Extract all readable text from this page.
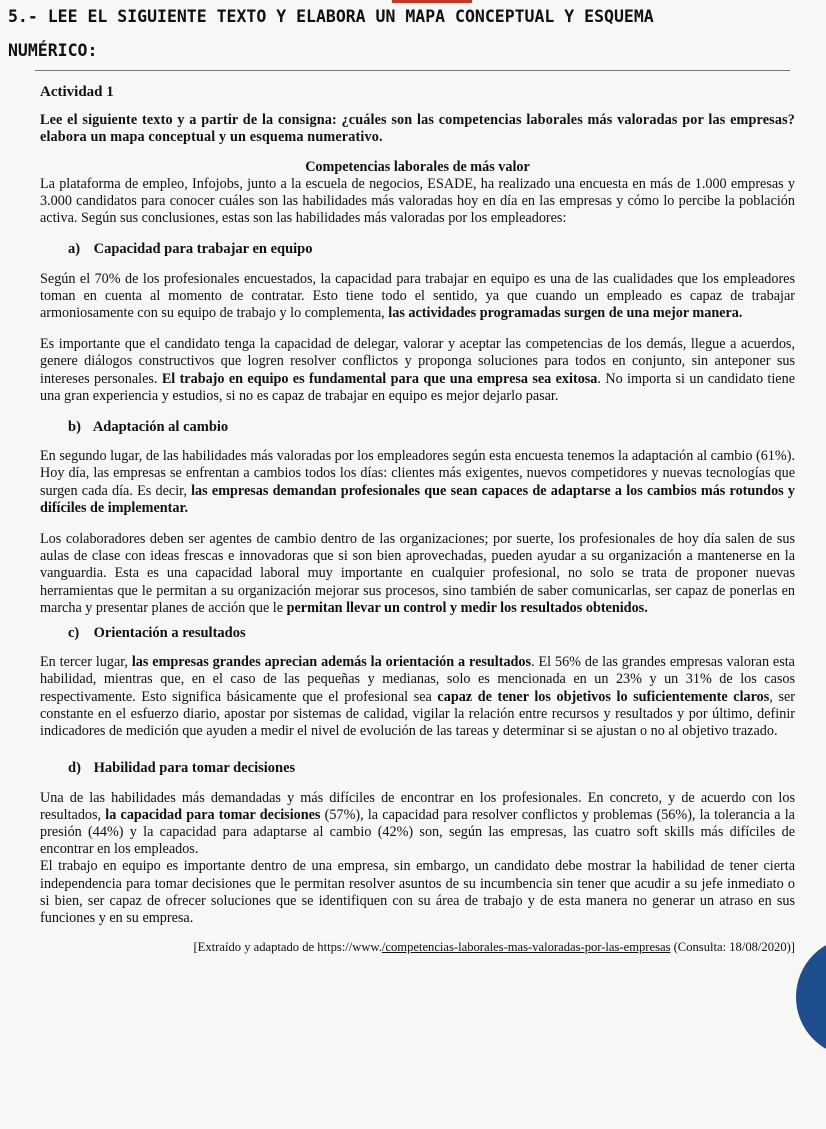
5.- LEE EL SIGUIENTE TEXTO Y ELABORA UN MAPA CONCEPTUAL Y ESQUEMA
NUMÉRICO:
Actividad 1

Lee el siguiente texto y a partir de la consigna: ¿cuáles son las competencias laborales más valoradas por las empresas? elabora un mapa conceptual y un esquema numerativo.

Competencias laborales de más valor

La plataforma de empleo, Infojobs, junto a la escuela de negocios, ESADE, ha realizado una encuesta en más de 1.000 empresas y 3.000 candidatos para conocer cuáles son las habilidades más valoradas hoy en día en las empresas y cómo lo percibe la población activa. Según sus conclusiones, estas son las habilidades más valoradas por los empleadores:

a) Capacidad para trabajar en equipo

Según el 70% de los profesionales encuestados, la capacidad para trabajar en equipo es una de las cualidades que los empleadores toman en cuenta al momento de contratar. Esto tiene todo el sentido, ya que cuando un empleado es capaz de trabajar armoniosamente con su equipo de trabajo y lo complementa, las actividades programadas surgen de una mejor manera.

Es importante que el candidato tenga la capacidad de delegar, valorar y aceptar las competencias de los demás, llegue a acuerdos, genere diálogos constructivos que logren resolver conflictos y proponga soluciones para todos en conjunto, sin anteponer sus intereses personales. El trabajo en equipo es fundamental para que una empresa sea exitosa. No importa si un candidato tiene una gran experiencia y estudios, si no es capaz de trabajar en equipo es mejor dejarlo pasar.

b) Adaptación al cambio

En segundo lugar, de las habilidades más valoradas por los empleadores según esta encuesta tenemos la adaptación al cambio (61%). Hoy día, las empresas se enfrentan a cambios todos los días: clientes más exigentes, nuevos competidores y nuevas tecnologías que surgen cada día. Es decir, las empresas demandan profesionales que sean capaces de adaptarse a los cambios más rotundos y difíciles de implementar.

Los colaboradores deben ser agentes de cambio dentro de las organizaciones; por suerte, los profesionales de hoy día salen de sus aulas de clase con ideas frescas e innovadoras que si son bien aprovechadas, pueden ayudar a su organización a mantenerse en la vanguardia. Esta es una capacidad laboral muy importante en cualquier profesional, no solo se trata de proponer nuevas herramientas que le permitan a su organización mejorar sus procesos, sino también de saber comunicarlas, ser capaz de ponerlas en marcha y presentar planes de acción que le permitan llevar un control y medir los resultados obtenidos.

c) Orientación a resultados

En tercer lugar, las empresas grandes aprecian además la orientación a resultados. El 56% de las grandes empresas valoran esta habilidad, mientras que, en el caso de las pequeñas y medianas, solo es mencionada en un 23% y un 31% de los casos respectivamente. Esto significa básicamente que el profesional sea capaz de tener los objetivos lo suficientemente claros, ser constante en el esfuerzo diario, apostar por sistemas de calidad, vigilar la relación entre recursos y resultados y por último, definir indicadores de medición que ayuden a medir el nivel de evolución de las tareas y determinar si se ajustan o no al objetivo trazado.

d) Habilidad para tomar decisiones

Una de las habilidades más demandadas y más difíciles de encontrar en los profesionales. En concreto, y de acuerdo con los resultados, la capacidad para tomar decisiones (57%), la capacidad para resolver conflictos y problemas (56%), la tolerancia a la presión (44%) y la capacidad para adaptarse al cambio (42%) son, según las empresas, las cuatro soft skills más difíciles de encontrar en los empleados.

El trabajo en equipo es importante dentro de una empresa, sin embargo, un candidato debe mostrar la habilidad de tener cierta independencia para tomar decisiones que le permitan resolver asuntos de su incumbencia sin tener que acudir a su jefe inmediato o si bien, ser capaz de ofrecer soluciones que se identifiquen con su área de trabajo y de esta manera no generar un atraso en sus funciones y en su empresa.

[Extraído y adaptado de https://www./competencias-laborales-mas-valoradas-por-las-empresas (Consulta: 18/08/2020)]
